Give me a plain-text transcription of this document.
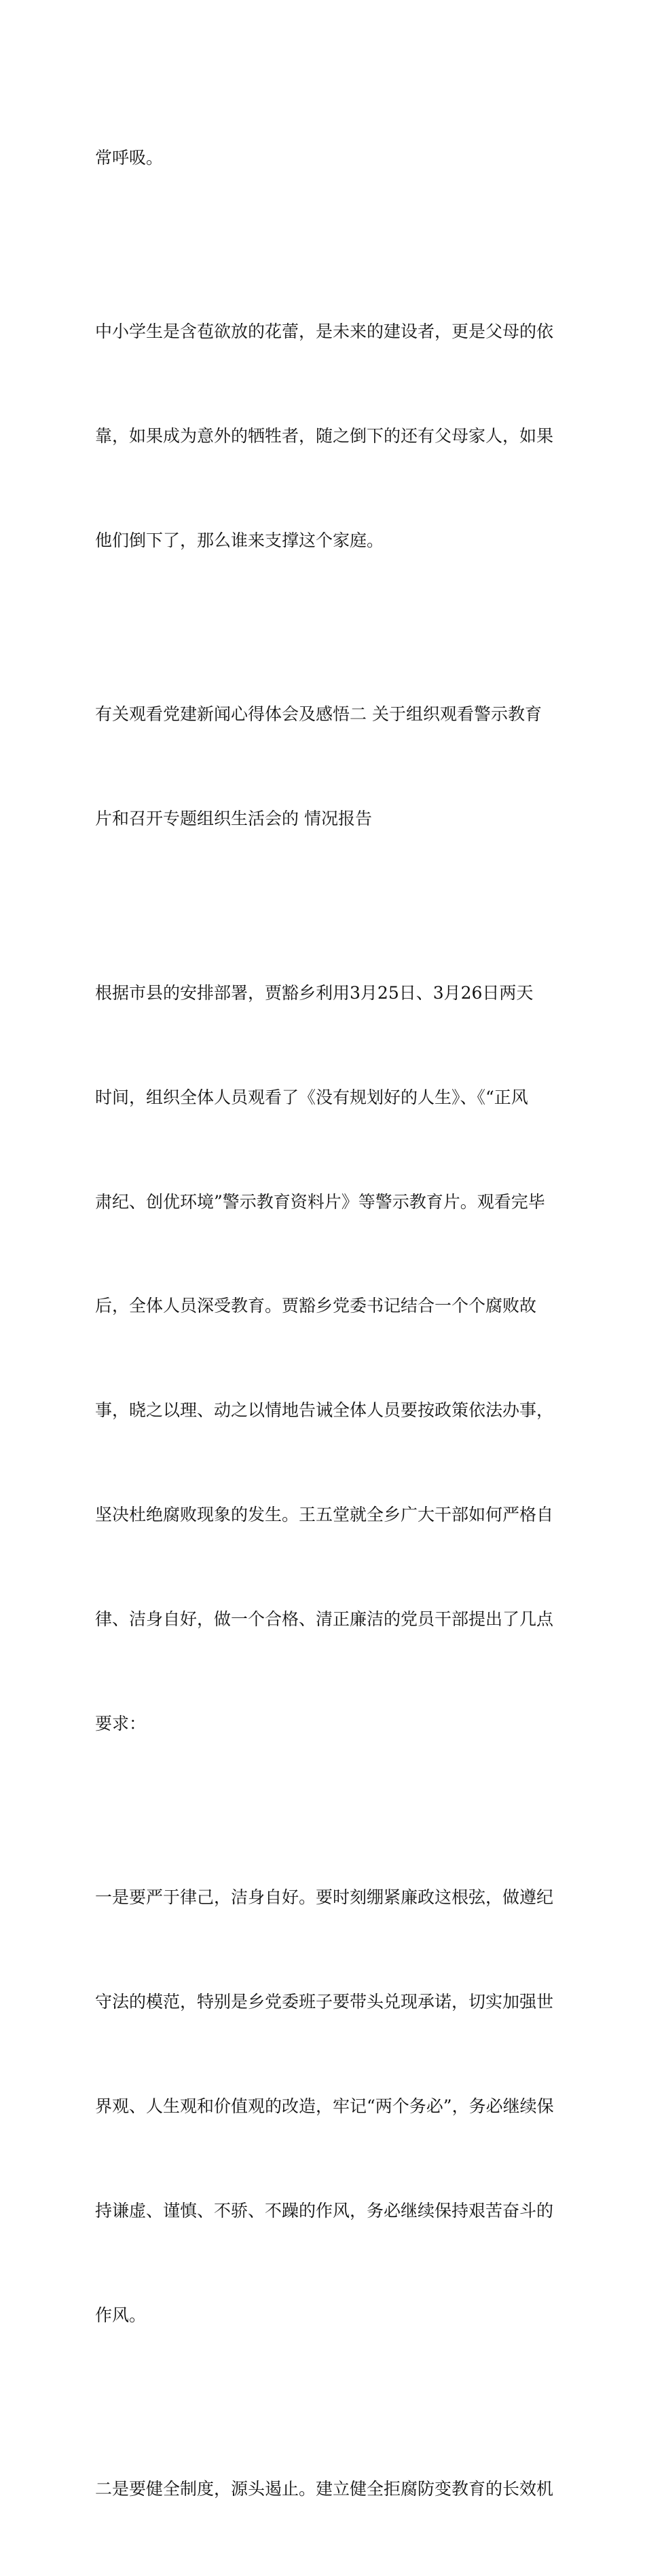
常呼吸。

中小学生是含苞欲放的花蕾，是未来的建设者，更是父母的依

靠，如果成为意外的牺牲者，随之倒下的还有父母家人，如果

他们倒下了，那么谁来支撑这个家庭。

有关观看党建新闻心得体会及感悟二 关于组织观看警示教育

片和召开专题组织生活会的 情况报告

根据市县的安排部署，贾豁乡利用3月25日、3月26日两天

时间，组织全体人员观看了《没有规划好的人生》、《“正风

肃纪、创优环境”警示教育资料片》等警示教育片。观看完毕

后，全体人员深受教育。贾豁乡党委书记结合一个个腐败故

事，晓之以理、动之以情地告诫全体人员要按政策依法办事，

坚决杜绝腐败现象的发生。王五堂就全乡广大干部如何严格自

律、洁身自好，做一个合格、清正廉洁的党员干部提出了几点

要求：

一是要严于律己，洁身自好。要时刻绷紧廉政这根弦，做遵纪

守法的模范，特别是乡党委班子要带头兑现承诺，切实加强世

界观、人生观和价值观的改造，牢记“两个务必”，务必继续保

持谦虚、谨慎、不骄、不躁的作风，务必继续保持艰苦奋斗的

作风。

二是要健全制度，源头遏止。建立健全拒腐防变教育的长效机
